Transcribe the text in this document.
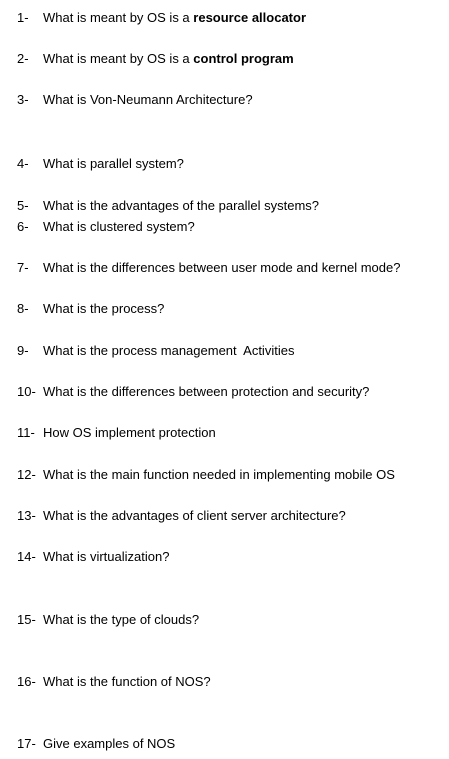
1- What is meant by OS is a resource allocator
2- What is meant by OS is a control program
3- What is Von-Neumann Architecture?
4- What is parallel system?
5- What is the advantages of the parallel systems?
6- What is clustered system?
7- What is the differences between user mode and kernel mode?
8- What is the process?
9- What is the process management  Activities
10- What is the differences between protection and security?
11- How OS implement protection
12- What is the main function needed in implementing mobile OS
13- What is the advantages of client server architecture?
14- What is virtualization?
15- What is the type of clouds?
16- What is the function of NOS?
17- Give examples of NOS
